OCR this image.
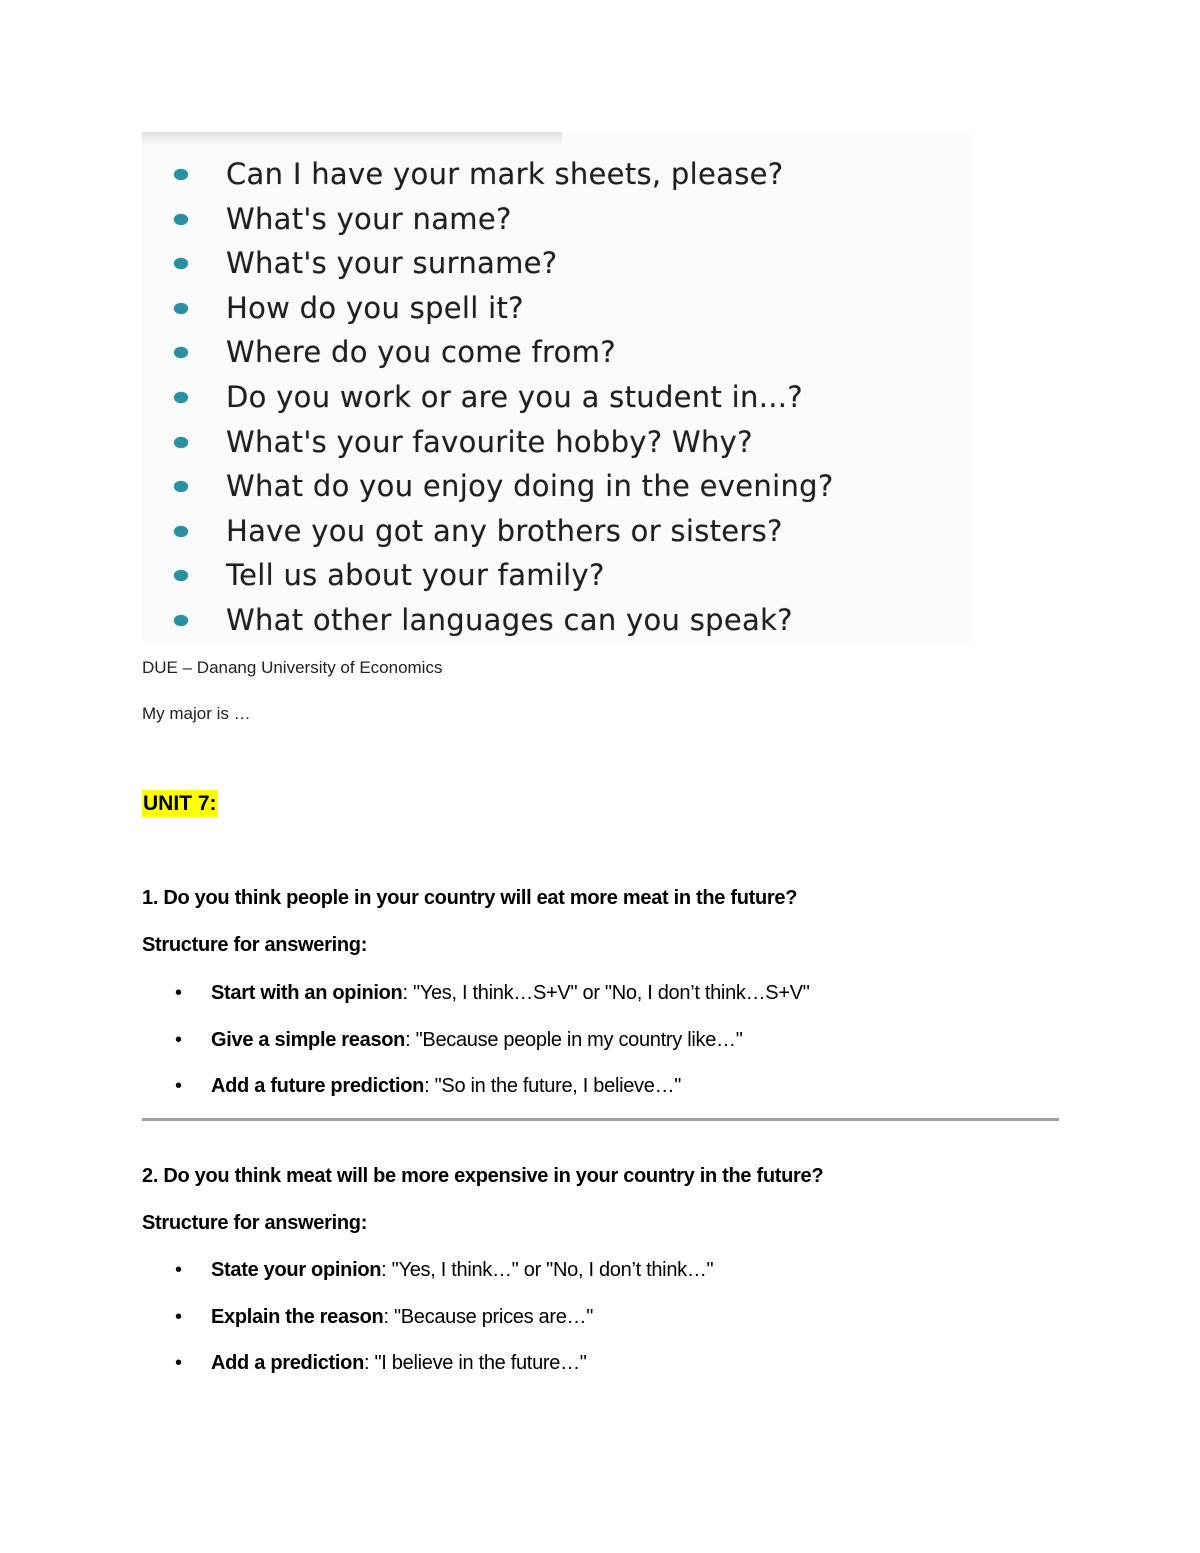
Can I have your mark sheets, please?
What's your name?
What's your surname?
How do you spell it?
Where do you come from?
Do you work or are you a student in...?
What's your favourite hobby? Why?
What do you enjoy doing in the evening?
Have you got any brothers or sisters?
Tell us about your family?
What other languages can you speak?
DUE – Danang University of Economics
My major is …
UNIT 7:
1. Do you think people in your country will eat more meat in the future?
Structure for answering:
• Start with an opinion: "Yes, I think…S+V" or "No, I don’t think…S+V"
• Give a simple reason: "Because people in my country like…"
• Add a future prediction: "So in the future, I believe…"
2. Do you think meat will be more expensive in your country in the future?
Structure for answering:
• State your opinion: "Yes, I think…" or "No, I don’t think…"
• Explain the reason: "Because prices are…"
• Add a prediction: "I believe in the future…"
